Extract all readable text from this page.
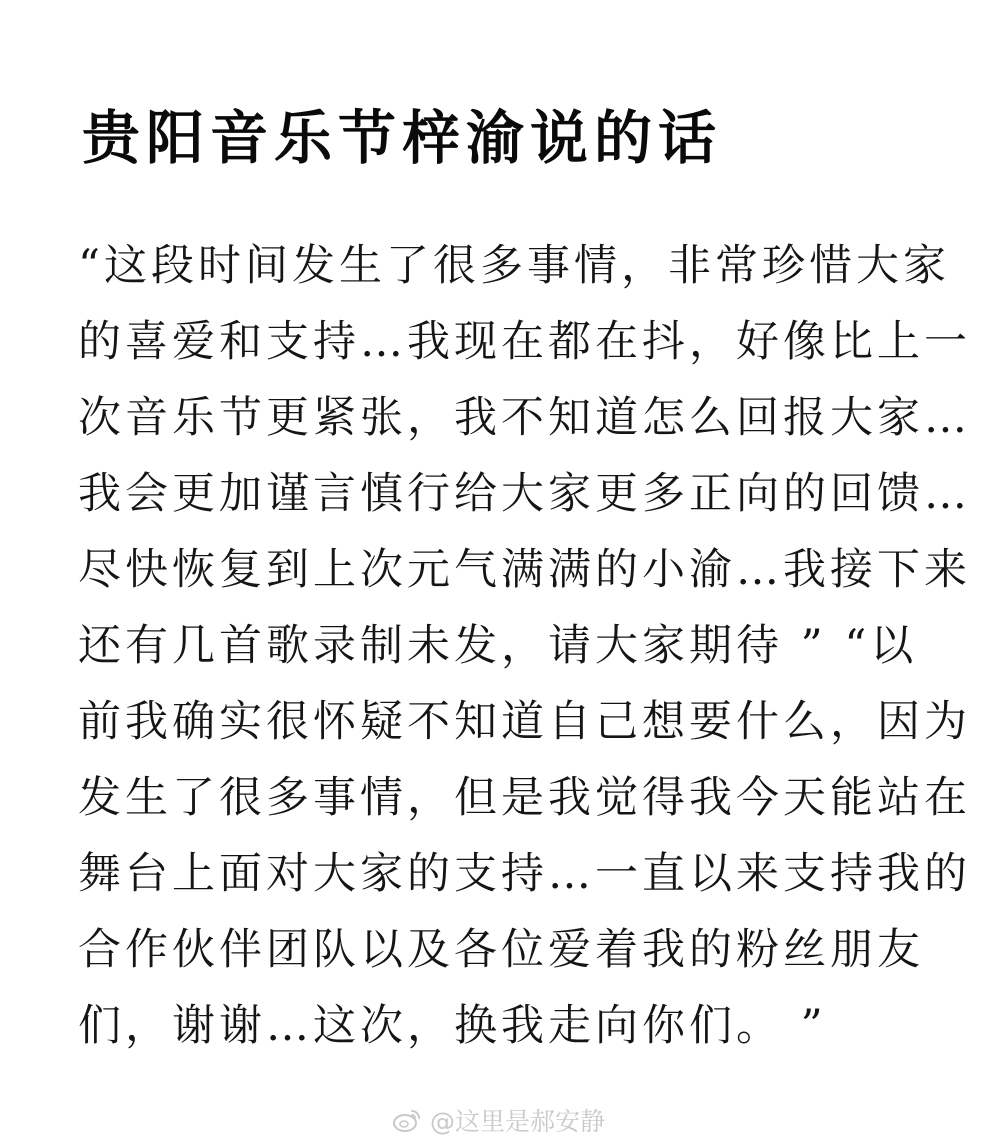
贵阳音乐节梓渝说的话
“这段时间发生了很多事情，非常珍惜大家
的喜爱和支持…我现在都在抖，好像比上一
次音乐节更紧张，我不知道怎么回报大家…
我会更加谨言慎行给大家更多正向的回馈…
尽快恢复到上次元气满满的小渝…我接下来
还有几首歌录制未发，请大家期待 ” “以
前我确实很怀疑不知道自己想要什么，因为
发生了很多事情，但是我觉得我今天能站在
舞台上面对大家的支持…一直以来支持我的
合作伙伴团队以及各位爱着我的粉丝朋友
们，谢谢…这次，换我走向你们。 ”
@这里是郝安静
